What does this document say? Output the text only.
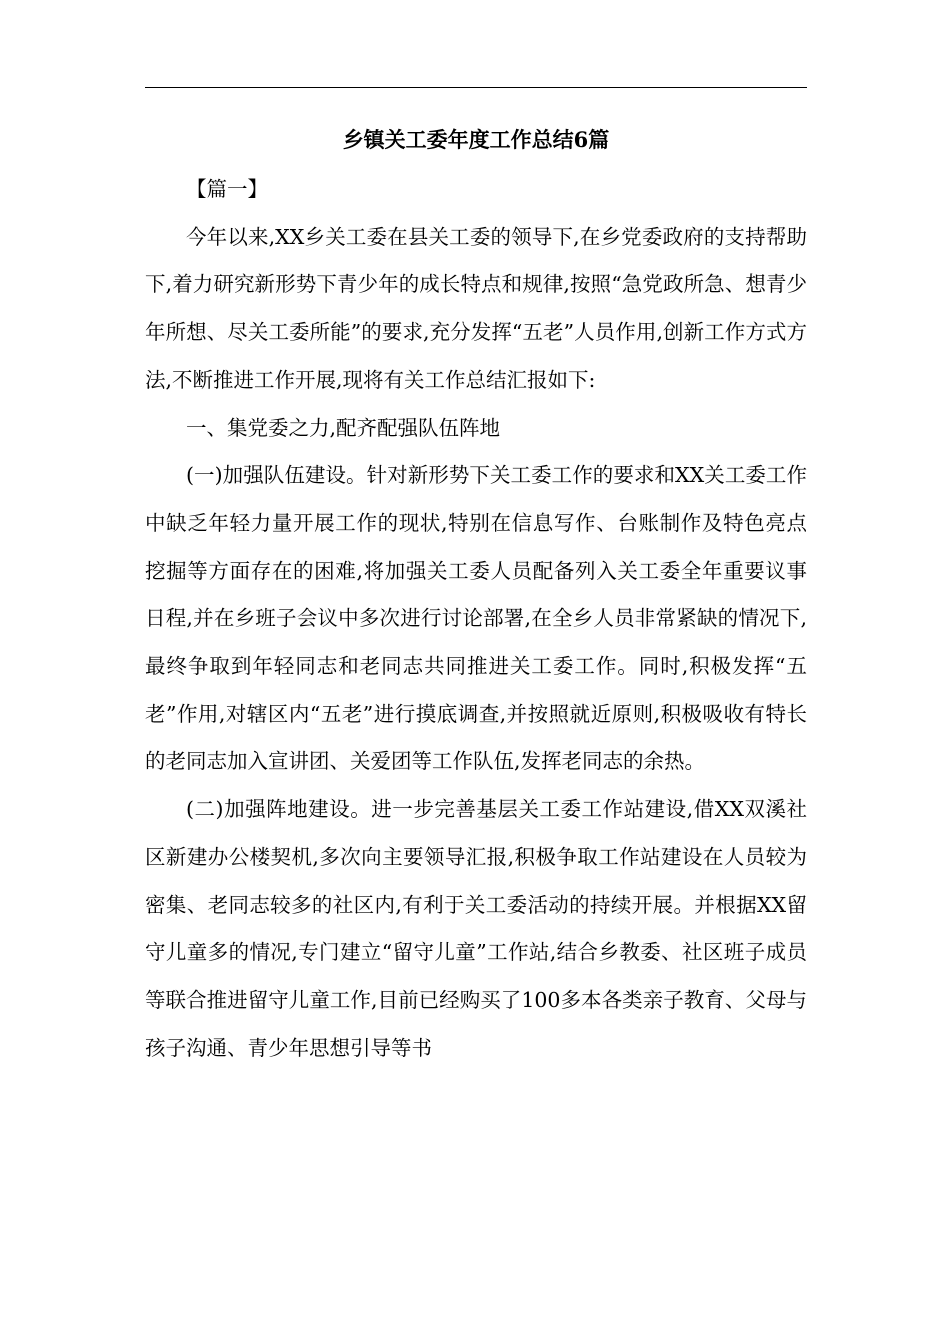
乡镇关工委年度工作总结6篇

【篇一】

今年以来,XX乡关工委在县关工委的领导下,在乡党委政府的支持帮助下,着力研究新形势下青少年的成长特点和规律,按照“急党政所急、想青少年所想、尽关工委所能”的要求,充分发挥“五老”人员作用,创新工作方式方法,不断推进工作开展,现将有关工作总结汇报如下:

一、集党委之力,配齐配强队伍阵地

(一)加强队伍建设。针对新形势下关工委工作的要求和XX关工委工作中缺乏年轻力量开展工作的现状,特别在信息写作、台账制作及特色亮点挖掘等方面存在的困难,将加强关工委人员配备列入关工委全年重要议事日程,并在乡班子会议中多次进行讨论部署,在全乡人员非常紧缺的情况下,最终争取到年轻同志和老同志共同推进关工委工作。同时,积极发挥“五老”作用,对辖区内“五老”进行摸底调查,并按照就近原则,积极吸收有特长的老同志加入宣讲团、关爱团等工作队伍,发挥老同志的余热。

(二)加强阵地建设。进一步完善基层关工委工作站建设,借XX双溪社区新建办公楼契机,多次向主要领导汇报,积极争取工作站建设在人员较为密集、老同志较多的社区内,有利于关工委活动的持续开展。并根据XX留守儿童多的情况,专门建立“留守儿童”工作站,结合乡教委、社区班子成员等联合推进留守儿童工作,目前已经购买了100多本各类亲子教育、父母与孩子沟通、青少年思想引导等书
